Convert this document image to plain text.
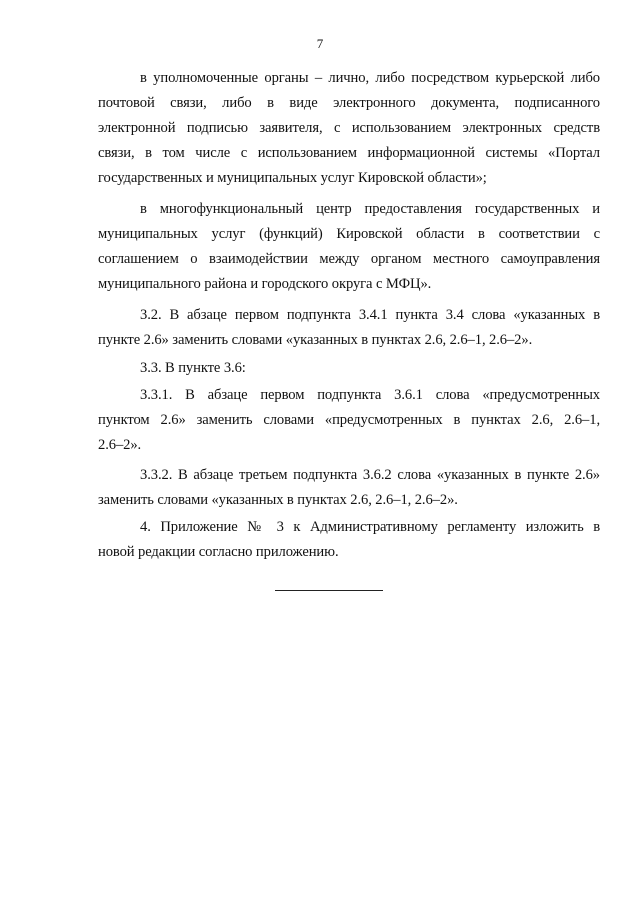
7
в уполномоченные органы – лично, либо посредством курьерской либо
почтовой связи, либо в виде электронного документа, подписанного
электронной подписью заявителя, с использованием электронных средств
связи, в том числе с использованием информационной системы «Портал
государственных и муниципальных услуг Кировской области»;
в многофункциональный центр предоставления государственных и
муниципальных услуг (функций) Кировской области в соответствии с
соглашением о взаимодействии между органом местного самоуправления
муниципального района и городского округа с МФЦ».
3.2. В абзаце первом подпункта 3.4.1 пункта 3.4 слова «указанных в
пункте 2.6» заменить словами «указанных в пунктах 2.6, 2.6–1, 2.6–2».
3.3. В пункте 3.6:
3.3.1. В абзаце первом подпункта 3.6.1 слова «предусмотренных
пунктом 2.6» заменить словами «предусмотренных в пунктах 2.6, 2.6–1,
2.6–2».
3.3.2. В абзаце третьем подпункта 3.6.2 слова «указанных в пункте 2.6»
заменить словами «указанных в пунктах 2.6, 2.6–1, 2.6–2».
4. Приложение № 3 к Административному регламенту изложить в
новой редакции согласно приложению.
